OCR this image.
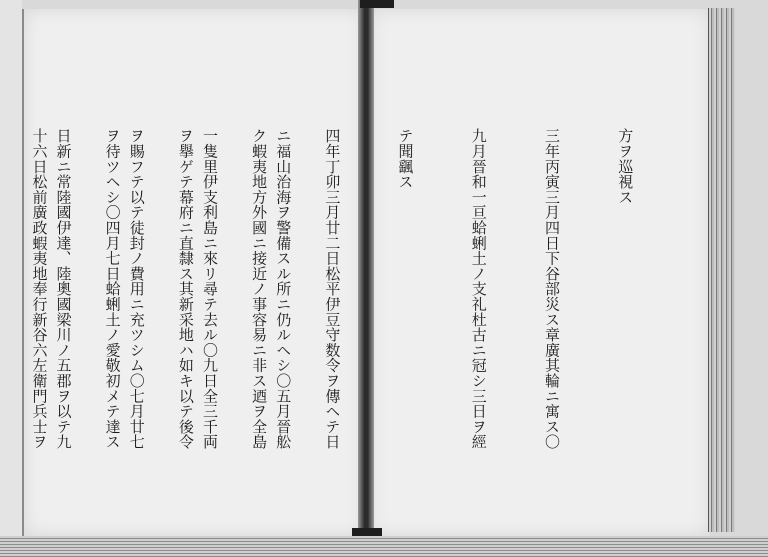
方ヲ巡視ス

三年丙寅三月四日下谷部災ス章廣其輪ニ寓ス〇

九月晉和一亘蛤蜊土ノ支礼杜古ニ冠シ三日ヲ經

テ聞颻ス

四年丁卯三月廿二日松平伊豆守数令ヲ傳ヘテ日

ク蝦夷地方外國ニ接近ノ事容易ニ非ス迺ヲ全島

ヲ擧ゲテ幕府ニ直隸ス其新采地ハ如キ以テ後令

ヲ待ツヘシ〇四月七日蛤蜊土ノ愛敬初メテ達ス

十六日松前廣政蝦夷地奉行新谷六左衛門兵士ヲ

	ニ福山治海ヲ警備スル所ニ仍ルヘシ〇五月晉舩

一隻里伊支利島ニ來リ尋テ去ル〇九日全三千両

ヲ賜フテ以テ徒封ノ費用ニ充ツシム〇七月廿七

日新ニ常陸國伊達、陸奧國梁川ノ五郡ヲ以テ九
